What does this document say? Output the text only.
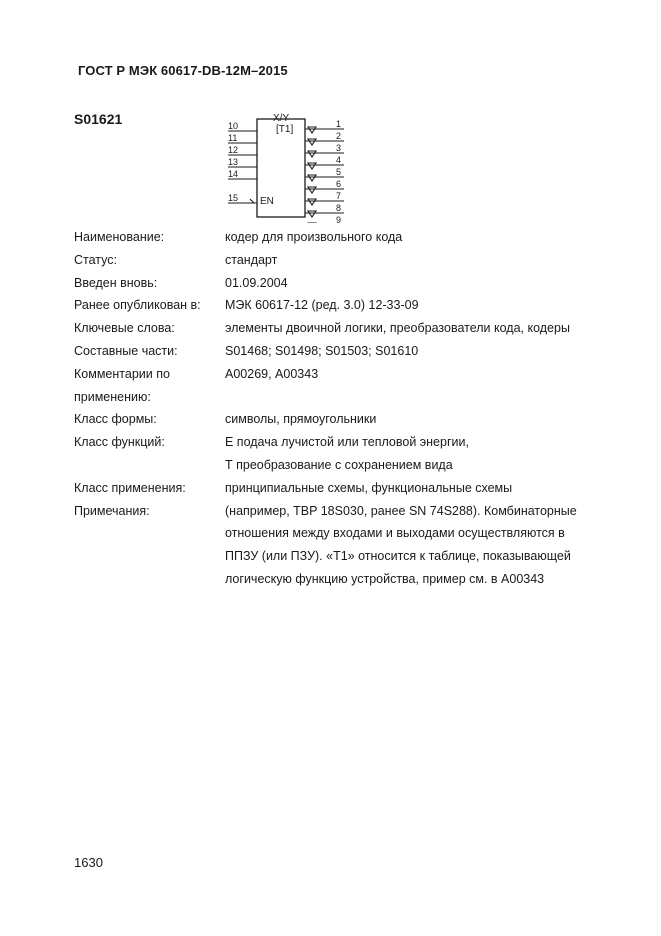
ГОСТ Р МЭК 60617-DB-12M–2015
S01621	X/Y
[T1]
EN
10
11
12
13
14
15
1
2
3
4
5
6
7
8
9
Наименование:	кодер для произвольного кода
Статус:	стандарт
Введен вновь:	01.09.2004
Ранее опубликован в:	МЭК 60617-12 (ред. 3.0) 12-33-09
Ключевые слова:	элементы двоичной логики, преобразователи кода, кодеры
Составные части:	S01468; S01498; S01503; S01610
Комментарии по
применению:
А00269, А00343
Класс формы:	символы, прямоугольники
Класс функций:	Е подача лучистой или тепловой энергии,
Т преобразование с сохранением вида
Класс применения:	принципиальные схемы, функциональные схемы
Примечания:	(например, TBP 18S030, ранее SN 74S288). Комбинаторные
отношения между входами и выходами осуществляются в
ППЗУ (или ПЗУ). «Т1» относится к таблице, показывающей
логическую функцию устройства, пример см. в А00343
1630
